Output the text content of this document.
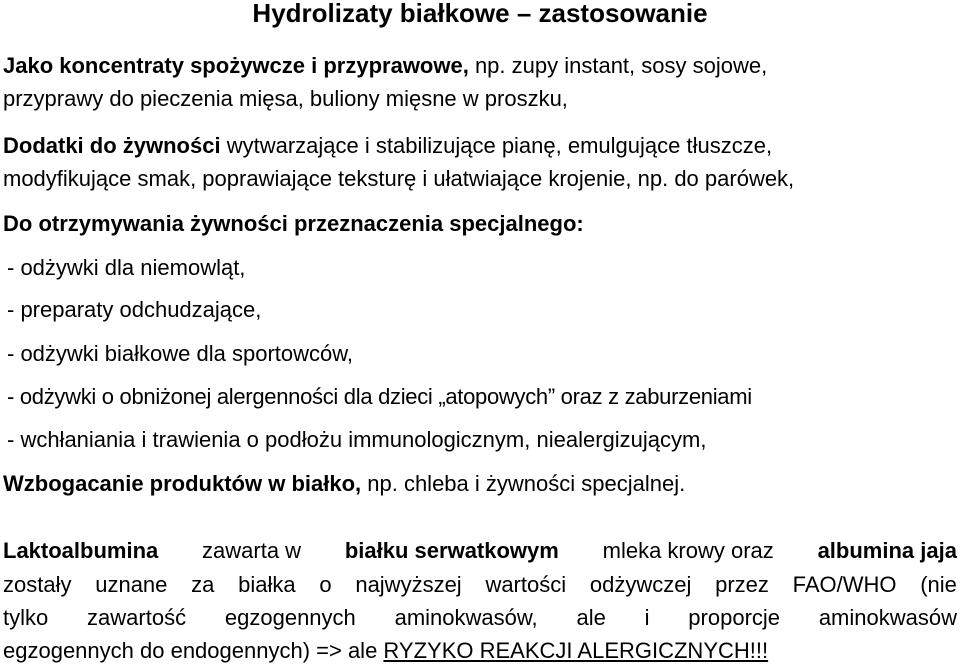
Hydrolizaty białkowe – zastosowanie
Jako koncentraty spożywcze i przyprawowe, np. zupy instant, sosy sojowe,
przyprawy do pieczenia mięsa, buliony mięsne w proszku,
Dodatki do żywności wytwarzające i stabilizujące pianę, emulgujące tłuszcze,
modyfikujące smak, poprawiające teksturę i ułatwiające krojenie, np. do parówek,
Do otrzymywania żywności przeznaczenia specjalnego:
- odżywki dla niemowląt,
- preparaty odchudzające,
- odżywki białkowe dla sportowców,
- odżywki o obniżonej alergenności dla dzieci „atopowych” oraz z zaburzeniami
- wchłaniania i trawienia o podłożu immunologicznym, niealergizującym,
Wzbogacanie produktów w białko, np. chleba i żywności specjalnej.
Laktoalbumina zawarta w białku serwatkowym mleka krowy oraz albumina jaja
zostały uznane za białka o najwyższej wartości odżywczej przez FAO/WHO (nie
tylko zawartość egzogennych aminokwasów, ale i proporcje aminokwasów
egzogennych do endogennych) => ale RYZYKO REAKCJI ALERGICZNYCH!!!
